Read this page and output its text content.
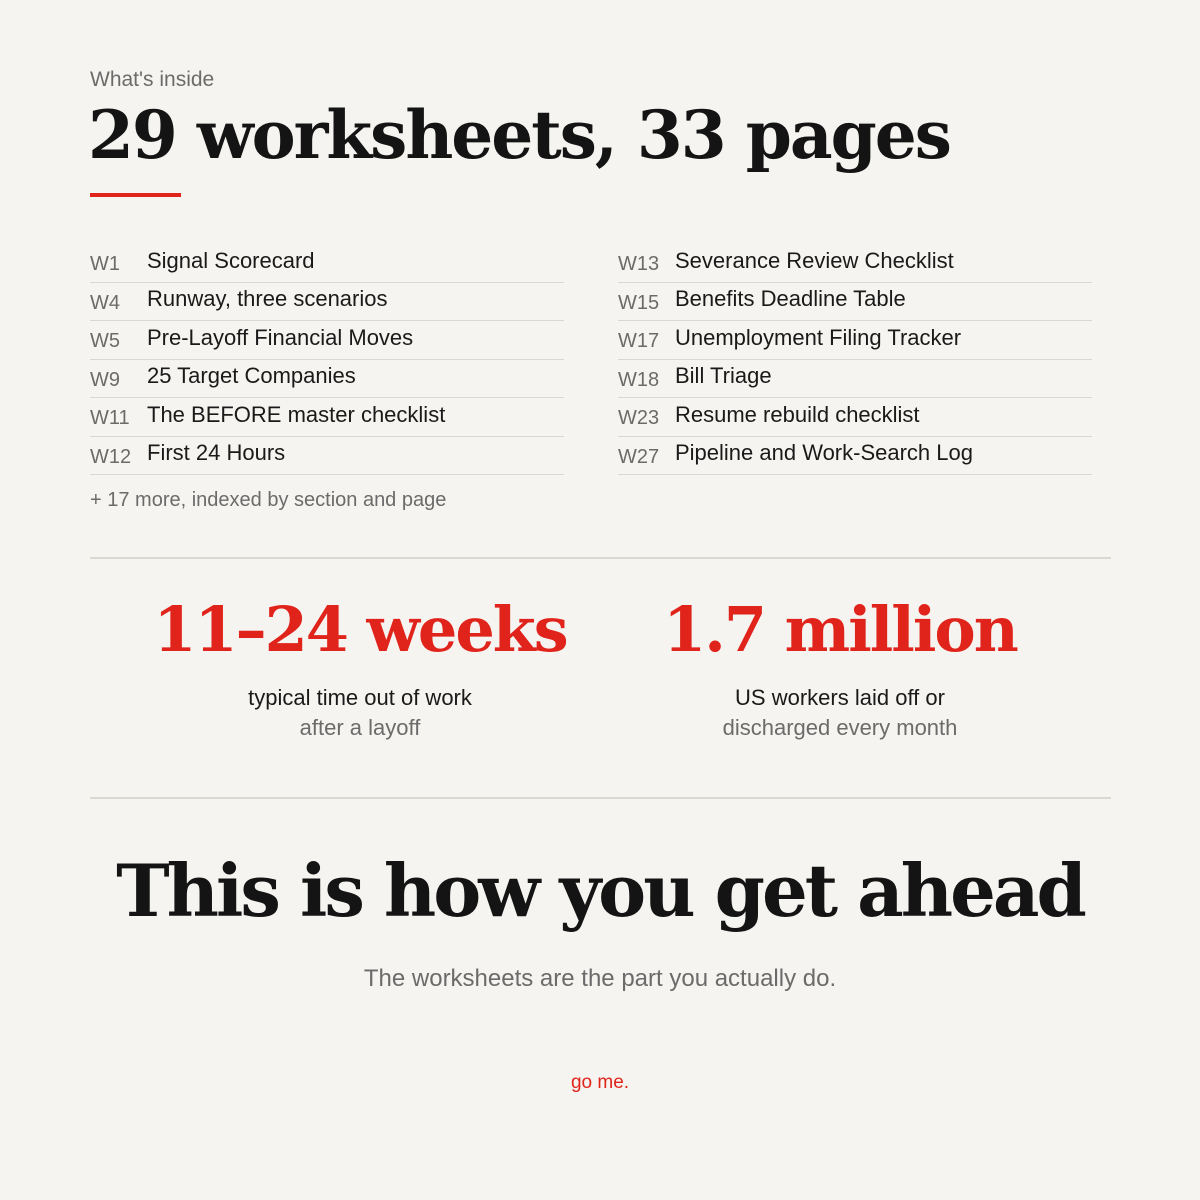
What's inside
29 worksheets, 33 pages
W1	Signal Scorecard
W4	Runway, three scenarios
W5	Pre-Layoff Financial Moves
W9	25 Target Companies
W11 The BEFORE master checklist
W12 First 24 Hours
W13 Severance Review Checklist
W15 Benefits Deadline Table
W17 Unemployment Filing Tracker
W18 Bill Triage
W23 Resume rebuild checklist
W27 Pipeline and Work-Search Log
+ 17 more, indexed by section and page
11–24 weeks
typical time out of work
after a layoff
1.7 million
US workers laid off or
discharged every month
This is how you get ahead
The worksheets are the part you actually do.
go me.
